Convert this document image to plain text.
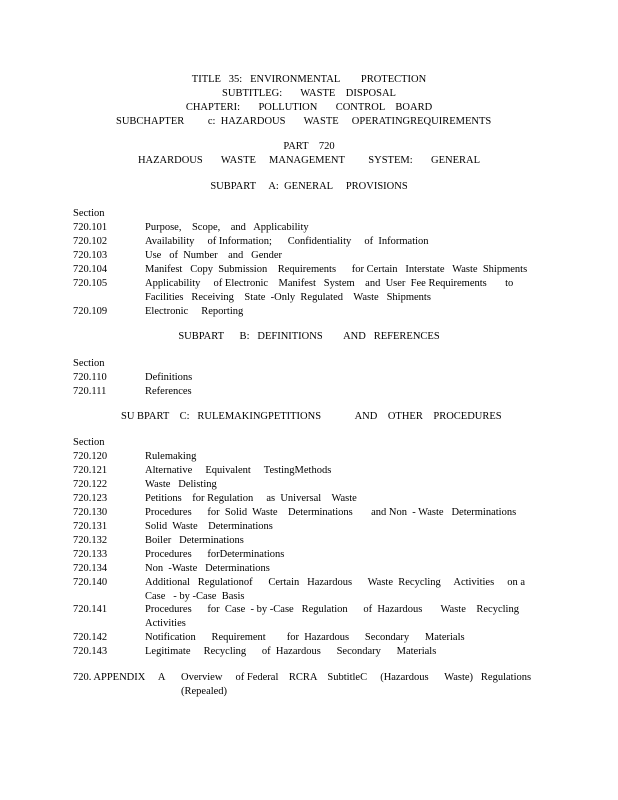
TITLE   35:   ENVIRONMENTAL        PROTECTION
SUBTITLEG:       WASTE    DISPOSAL
CHAPTERI:       POLLUTION       CONTROL    BOARD
SUBCHAPTER         c:  HAZARDOUS       WASTE     OPERATINGREQUIREMENTS
PART    720
HAZARDOUS       WASTE     MANAGEMENT         SYSTEM:       GENERAL
SUBPART     A:  GENERAL     PROVISIONS
Section
720.101	Purpose,    Scope,    and   Applicability
720.102	Availability     of Information;      Confidentiality     of  Information
720.103	Use   of  Number    and   Gender
720.104	Manifest   Copy  Submission    Requirements      for Certain   Interstate   Waste  Shipments
720.105	Applicability     of Electronic    Manifest   System    and  User  Fee Requirements       to
Facilities   Receiving    State  -Only  Regulated    Waste   Shipments
720.109	Electronic     Reporting
SUBPART      B:   DEFINITIONS        AND   REFERENCES
Section
720.110	Definitions
720.111	References
SU BPART    C:   RULEMAKINGPETITIONS             AND    OTHER    PROCEDURES
Section
720.120	Rulemaking
720.121	Alternative     Equivalent     TestingMethods
720.122	Waste   Delisting
720.123	Petitions    for Regulation     as  Universal    Waste
720.130	Procedures      for  Solid  Waste    Determinations       and Non  - Waste   Determinations
720.131	Solid  Waste    Determinations
720.132	Boiler   Determinations
720.133	Procedures      forDeterminations
720.134	Non  -Waste   Determinations
720.140	Additional   Regulationof      Certain   Hazardous      Waste  Recycling     Activities     on a
Case   - by -Case  Basis
720.141	Procedures      for  Case  - by -Case   Regulation      of  Hazardous       Waste    Recycling
Activities
720.142	Notification      Requirement        for  Hazardous      Secondary      Materials
720.143	Legitimate     Recycling      of  Hazardous      Secondary      Materials
720. APPENDIX     A Overview     of Federal    RCRA    SubtitleC     (Hazardous      Waste)   Regulations
(Repealed)
